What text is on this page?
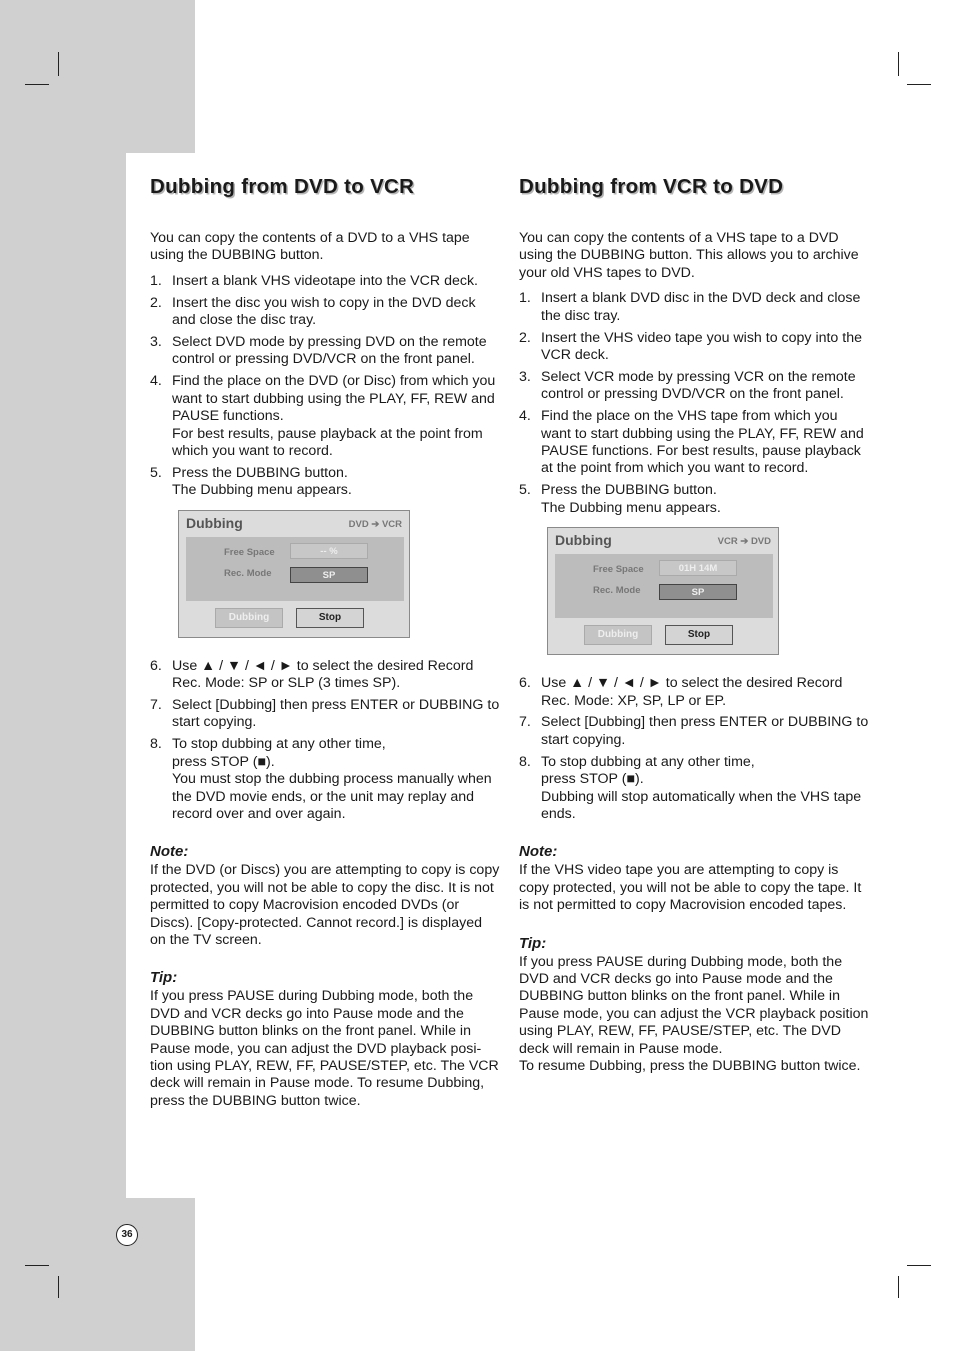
36
Dubbing from DVD to VCR

You can copy the contents of a DVD to a VHS tape using the DUBBING button.

1. Insert a blank VHS videotape into the VCR deck.
2. Insert the disc you wish to copy in the DVD deck and close the disc tray.
3. Select DVD mode by pressing DVD on the remote control or pressing DVD/VCR on the front panel.
4. Find the place on the DVD (or Disc) from which you want to start dubbing using the PLAY, FF, REW and PAUSE functions.
For best results, pause playback at the point from which you want to record.
5. Press the DUBBING button.
The Dubbing menu appears.
Dubbing	DVD ➔ VCR
Free Space	-- %
Rec. Mode	SP
Dubbing	Stop
6. Use ▲ / ▼ / ◄ / ► to select the desired Record Rec. Mode: SP or SLP (3 times SP).
7. Select [Dubbing] then press ENTER or DUBBING to start copying.
8. To stop dubbing at any other time,
press STOP (■).
You must stop the dubbing process manually when the DVD movie ends, or the unit may replay and record over and over again.
Note:

If the DVD (or Discs) you are attempting to copy is copy protected, you will not be able to copy the disc. It is not permitted to copy Macrovision encoded DVDs (or Discs). [Copy-protected. Cannot record.] is displayed on the TV screen.

Tip:

If you press PAUSE during Dubbing mode, both the DVD and VCR decks go into Pause mode and the DUBBING button blinks on the front panel. While in Pause mode, you can adjust the DVD playback posi-tion using PLAY, REW, FF, PAUSE/STEP, etc. The VCR deck will remain in Pause mode. To resume Dubbing, press the DUBBING button twice.

Dubbing from VCR to DVD

You can copy the contents of a VHS tape to a DVD using the DUBBING button. This allows you to archive your old VHS tapes to DVD.

1. Insert a blank DVD disc in the DVD deck and close the disc tray.
2. Insert the VHS video tape you wish to copy into the VCR deck.
3. Select VCR mode by pressing VCR on the remote control or pressing DVD/VCR on the front panel.
4. Find the place on the VHS tape from which you want to start dubbing using the PLAY, FF, REW and PAUSE functions. For best results, pause playback at the point from which you want to record.
5. Press the DUBBING button.
The Dubbing menu appears.
Dubbing	VCR ➔ DVD
Free Space	01H 14M
Rec. Mode	SP
Dubbing	Stop
6. Use ▲ / ▼ / ◄ / ► to select the desired Record Rec. Mode: XP, SP, LP or EP.
7. Select [Dubbing] then press ENTER or DUBBING to start copying.
8. To stop dubbing at any other time,
press STOP (■).
Dubbing will stop automatically when the VHS tape ends.
Note:

If the VHS video tape you are attempting to copy is copy protected, you will not be able to copy the tape. It is not permitted to copy Macrovision encoded tapes.

Tip:

If you press PAUSE during Dubbing mode, both the DVD and VCR decks go into Pause mode and the DUBBING button blinks on the front panel. While in Pause mode, you can adjust the VCR playback position using PLAY, REW, FF, PAUSE/STEP, etc. The DVD deck will remain in Pause mode.
To resume Dubbing, press the DUBBING button twice.
